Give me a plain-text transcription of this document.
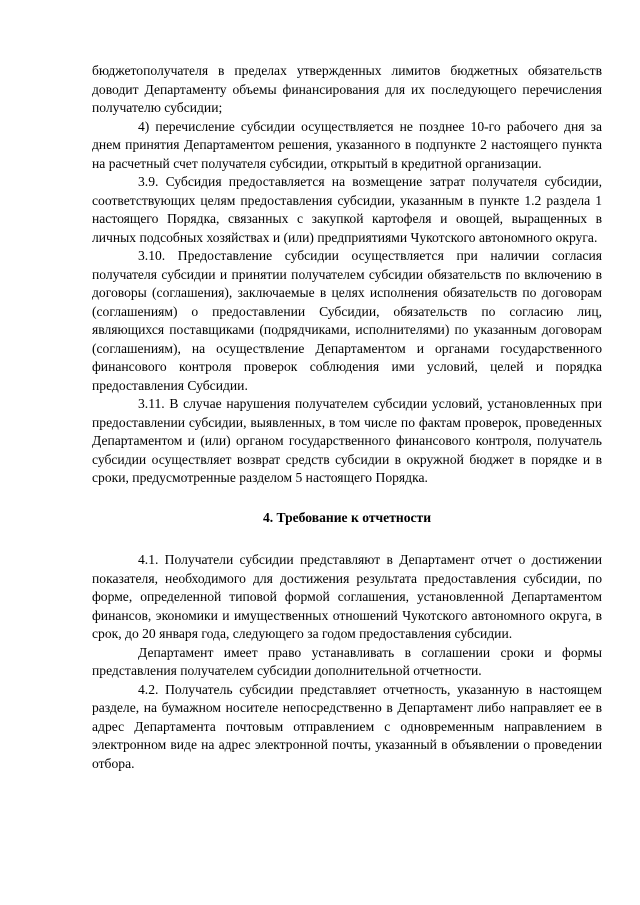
бюджетополучателя в пределах утвержденных лимитов бюджетных обязательств доводит Департаменту объемы финансирования для их последующего перечисления получателю субсидии;

4) перечисление субсидии осуществляется не позднее 10-го рабочего дня за днем принятия Департаментом решения, указанного в подпункте 2 настоящего пункта на расчетный счет получателя субсидии, открытый в кредитной организации.

3.9. Субсидия предоставляется на возмещение затрат получателя субсидии, соответствующих целям предоставления субсидии, указанным в пункте 1.2 раздела 1 настоящего Порядка, связанных с закупкой картофеля и овощей, выращенных в личных подсобных хозяйствах и (или) предприятиями Чукотского автономного округа.

3.10. Предоставление субсидии осуществляется при наличии согласия получателя субсидии и принятии получателем субсидии обязательств по включению в договоры (соглашения), заключаемые в целях исполнения обязательств по договорам (соглашениям) о предоставлении Субсидии, обязательств по согласию лиц, являющихся поставщиками (подрядчиками, исполнителями) по указанным договорам (соглашениям), на осуществление Департаментом и органами государственного финансового контроля проверок соблюдения ими условий, целей и порядка предоставления Субсидии.

3.11. В случае нарушения получателем субсидии условий, установленных при предоставлении субсидии, выявленных, в том числе по фактам проверок, проведенных Департаментом и (или) органом государственного финансового контроля, получатель субсидии осуществляет возврат средств субсидии в окружной бюджет в порядке и в сроки, предусмотренные разделом 5 настоящего Порядка.

4. Требование к отчетности

4.1. Получатели субсидии представляют в Департамент отчет о достижении показателя, необходимого для достижения результата предоставления субсидии, по форме, определенной типовой формой соглашения, установленной Департаментом финансов, экономики и имущественных отношений Чукотского автономного округа, в срок, до 20 января года, следующего за годом предоставления субсидии.

Департамент имеет право устанавливать в соглашении сроки и формы представления получателем субсидии дополнительной отчетности.

4.2. Получатель субсидии представляет отчетность, указанную в настоящем разделе, на бумажном носителе непосредственно в Департамент либо направляет ее в адрес Департамента почтовым отправлением с одновременным направлением в электронном виде на адрес электронной почты, указанный в объявлении о проведении отбора.
